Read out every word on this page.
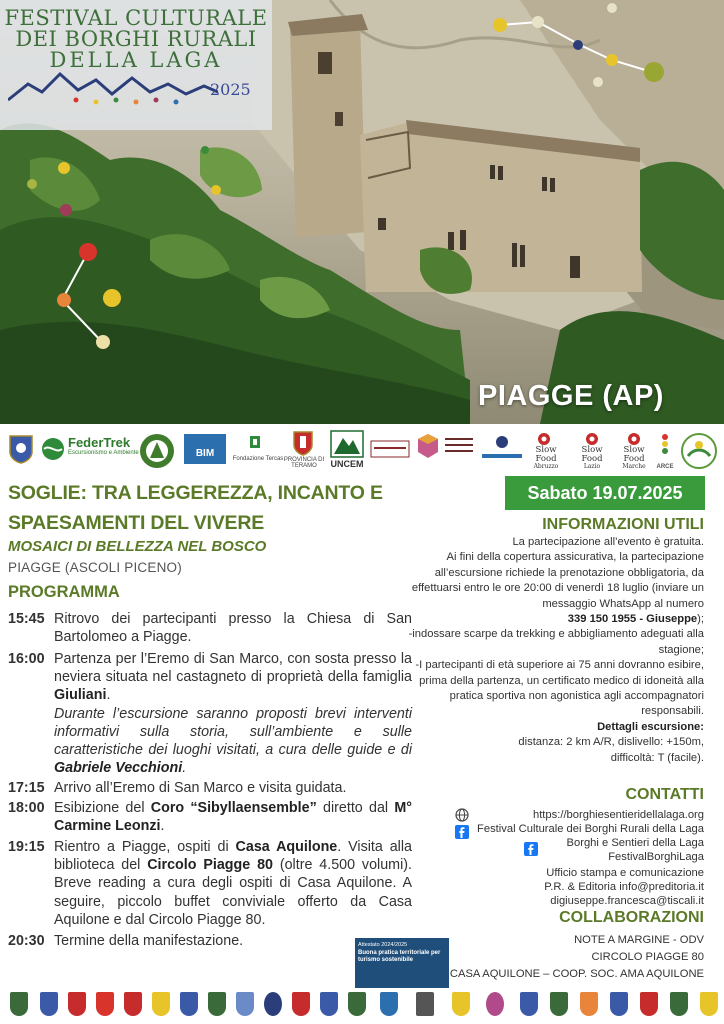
FESTIVAL CULTURALE
DEI BORGHI RURALI
DELLA LAGA
2025
PIAGGE (AP)
FederTrek
Escursionismo e Ambiente	BIM	Fondazione Tercas PROVINCIA DI TERAMO	UNCEM
Slow Food
Abruzzo
Slow Food
Lazio
Slow Food
Marche	ARCE
SOGLIE: TRA LEGGEREZZA, INCANTO E
SPAESAMENTI DEL VIVERE
MOSAICI DI BELLEZZA NEL BOSCO
PIAGGE (ASCOLI PICENO)
PROGRAMMA
15:45 Ritrovo dei partecipanti presso la Chiesa di San Bartolomeo a Piagge.
16:00 Partenza per l’Eremo di San Marco, con sosta presso la neviera situata nel castagneto di proprietà della famiglia Giuliani.
Durante l’escursione saranno proposti brevi interventi informativi sulla storia, sull’ambiente e sulle caratteristiche dei luoghi visitati, a cura delle guide e di Gabriele Vecchioni.
17:15 Arrivo all’Eremo di San Marco e visita guidata.
18:00 Esibizione del Coro “Sibyllaensemble” diretto dal M° Carmine Leonzi.
19:15 Rientro a Piagge, ospiti di Casa Aquilone. Visita alla biblioteca del Circolo Piagge 80 (oltre 4.500 volumi). Breve reading a cura degli ospiti di Casa Aquilone. A seguire, piccolo buffet conviviale offerto da Casa Aquilone e dal Circolo Piagge 80.
20:30 Termine della manifestazione.
Sabato 19.07.2025
INFORMAZIONI UTILI
La partecipazione all’evento è gratuita.
Ai fini della copertura assicurativa, la partecipazione all’escursione richiede la prenotazione obbligatoria, da effettuarsi entro le ore 20:00 di venerdì 18 luglio (inviare un messaggio WhatsApp al numero
339 150 1955 - Giuseppe);
-indossare scarpe da trekking e abbigliamento adeguati alla stagione;
-I partecipanti di età superiore ai 75 anni dovranno esibire, prima della partenza, un certificato medico di idoneità alla pratica sportiva non agonistica agli accompagnatori responsabili.
Dettagli escursione:
distanza: 2 km A/R, dislivello: +150m,
difficoltà: T (facile).
CONTATTI
https://borghiesentieridellalaga.org
Festival Culturale dei Borghi Rurali della Laga
Borghi e Sentieri della Laga
FestivalBorghiLaga
Ufficio stampa e comunicazione
P.R. & Editoria info@preditoria.it
digiuseppe.francesca@tiscali.it
COLLABORAZIONI
NOTE A MARGINE - ODV
CIRCOLO PIAGGE 80
CASA AQUILONE – COOP. SOC. AMA AQUILONE
Attestato 2024/2025
Buona pratica territoriale per turismo sostenibile
